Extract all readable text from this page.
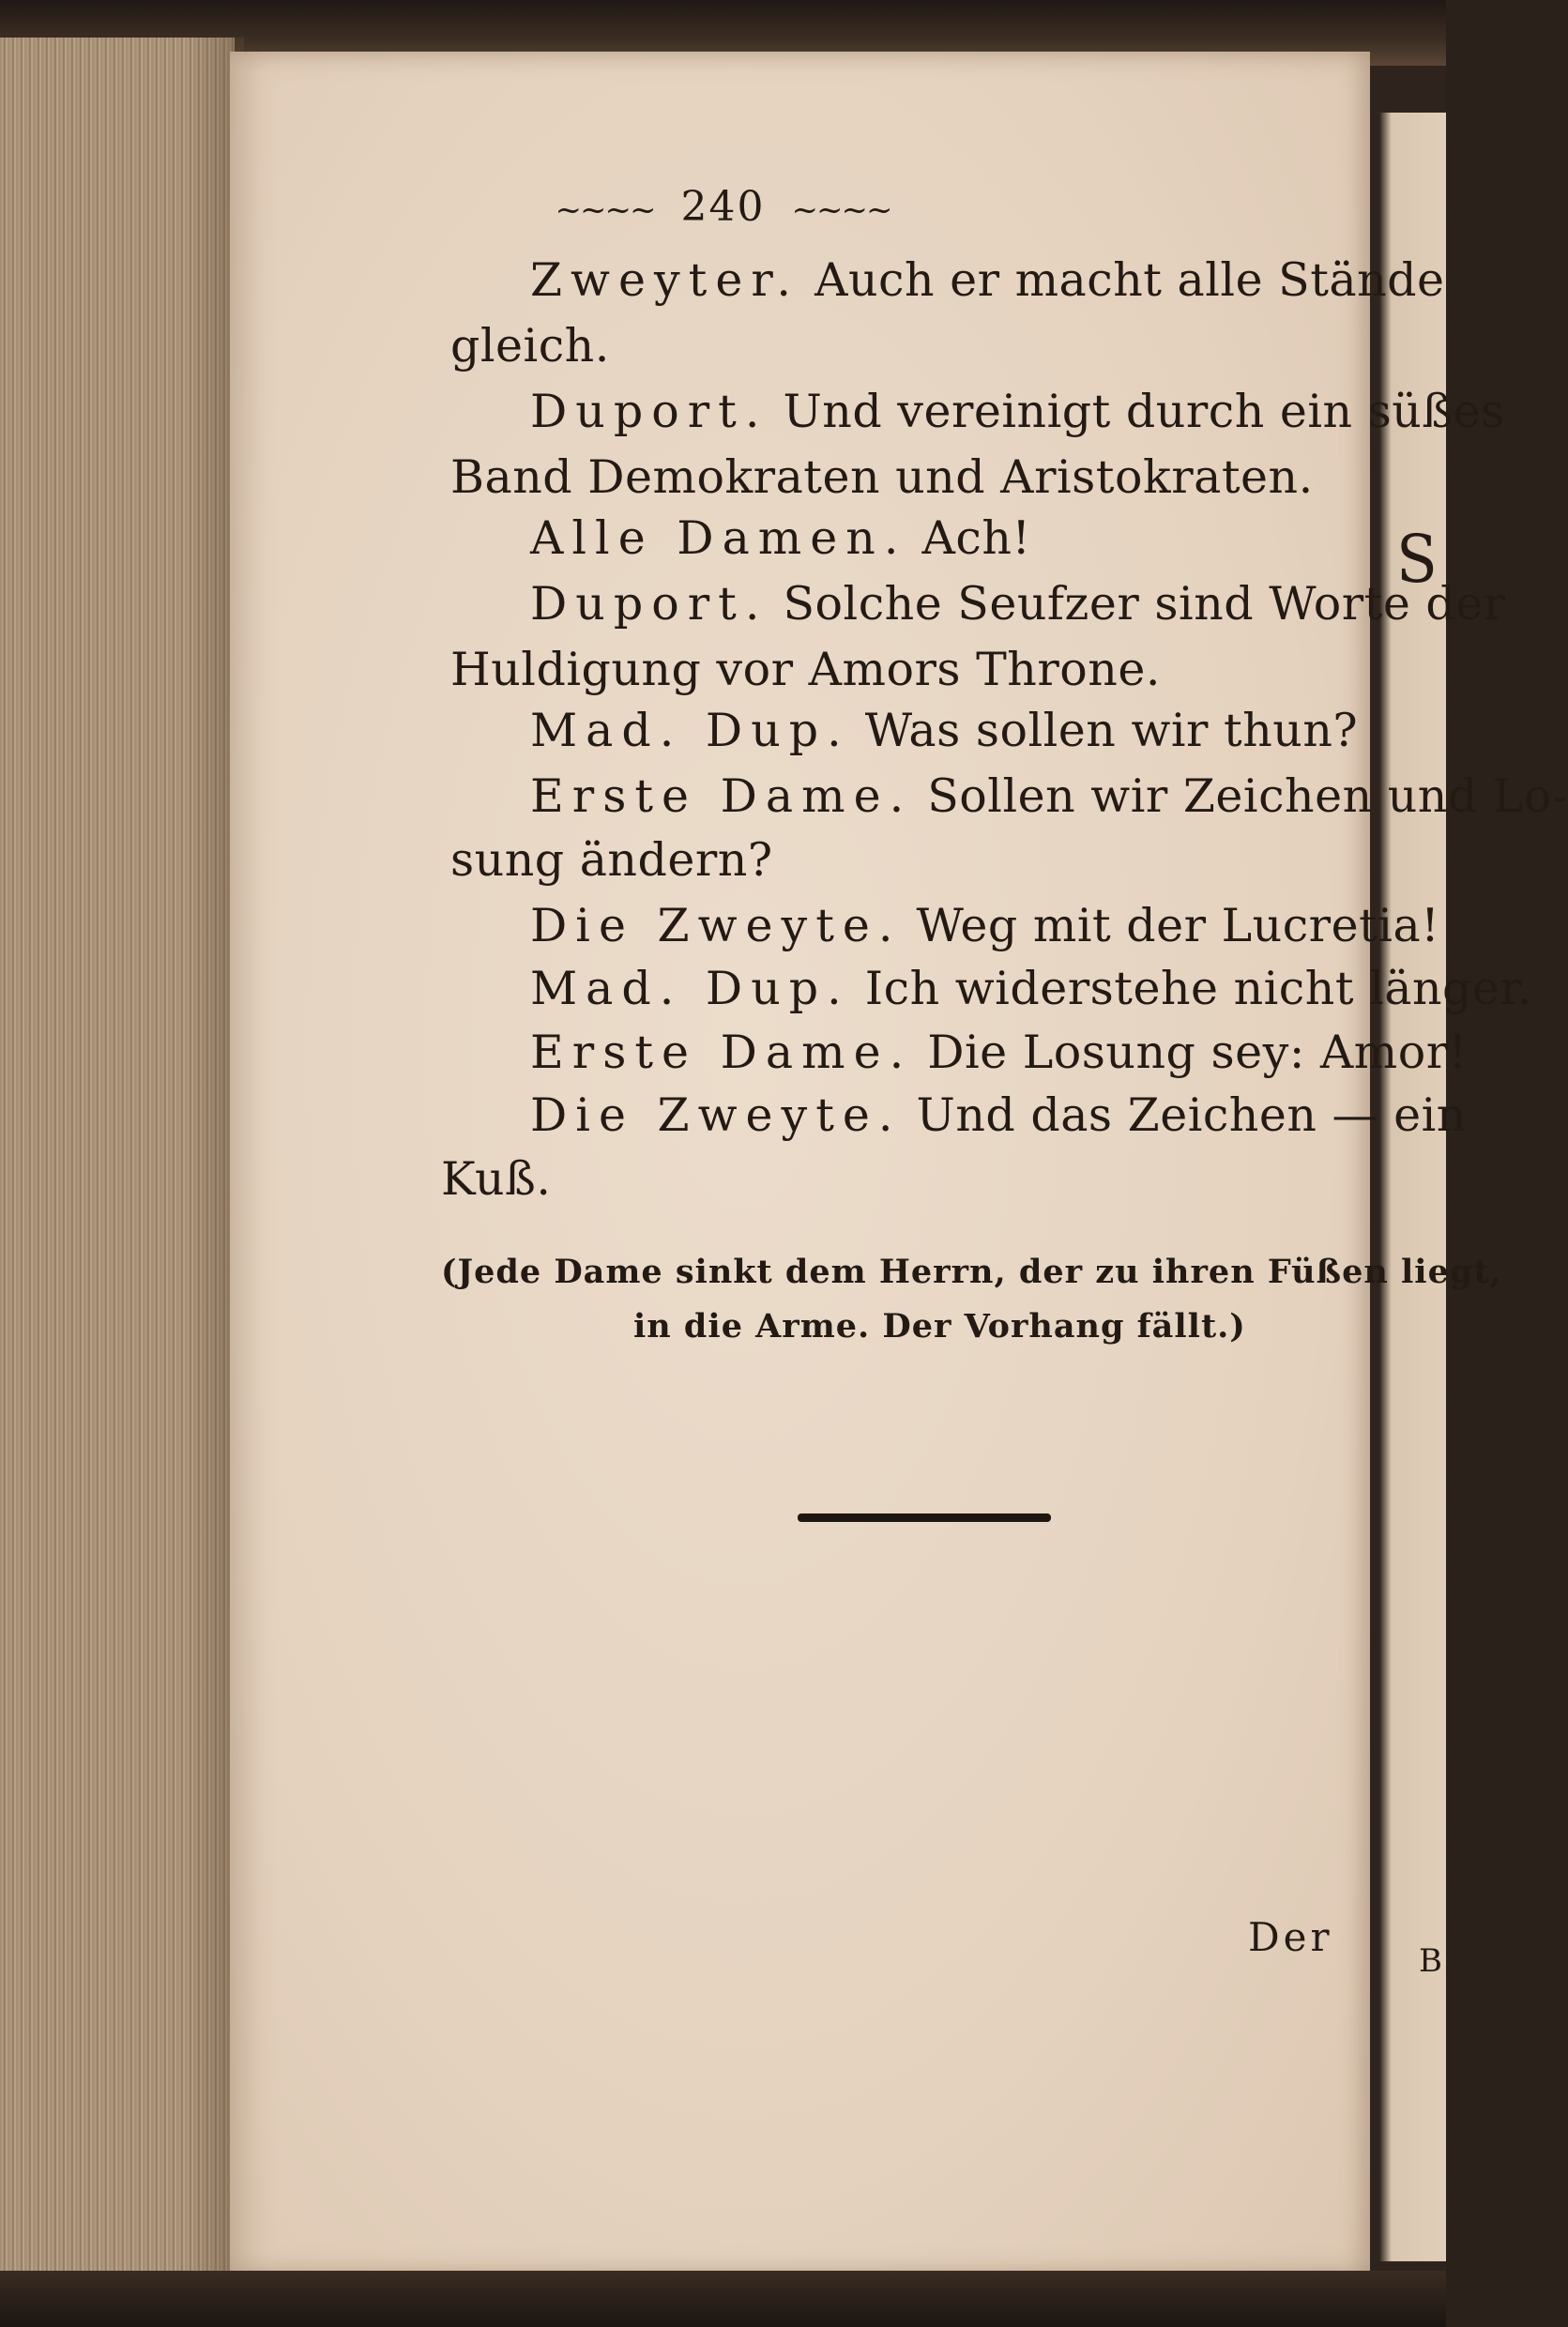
S
B
~~~~ 240 ~~~~
Zweyter. Auch er macht alle Stände
gleich.
Duport. Und vereinigt durch ein süßes
Band Demokraten und Aristokraten.
Alle Damen. Ach!
Duport. Solche Seufzer sind Worte der
Huldigung vor Amors Throne.
Mad. Dup. Was sollen wir thun?
Erste Dame. Sollen wir Zeichen und Lo-
sung ändern?
Die Zweyte. Weg mit der Lucretia!
Mad. Dup. Ich widerstehe nicht länger.
Erste Dame. Die Losung sey: Amor!
Die Zweyte. Und das Zeichen — ein
Kuß.
(Jede Dame sinkt dem Herrn, der zu ihren Füßen liegt,
in die Arme. Der Vorhang fällt.)
Der
